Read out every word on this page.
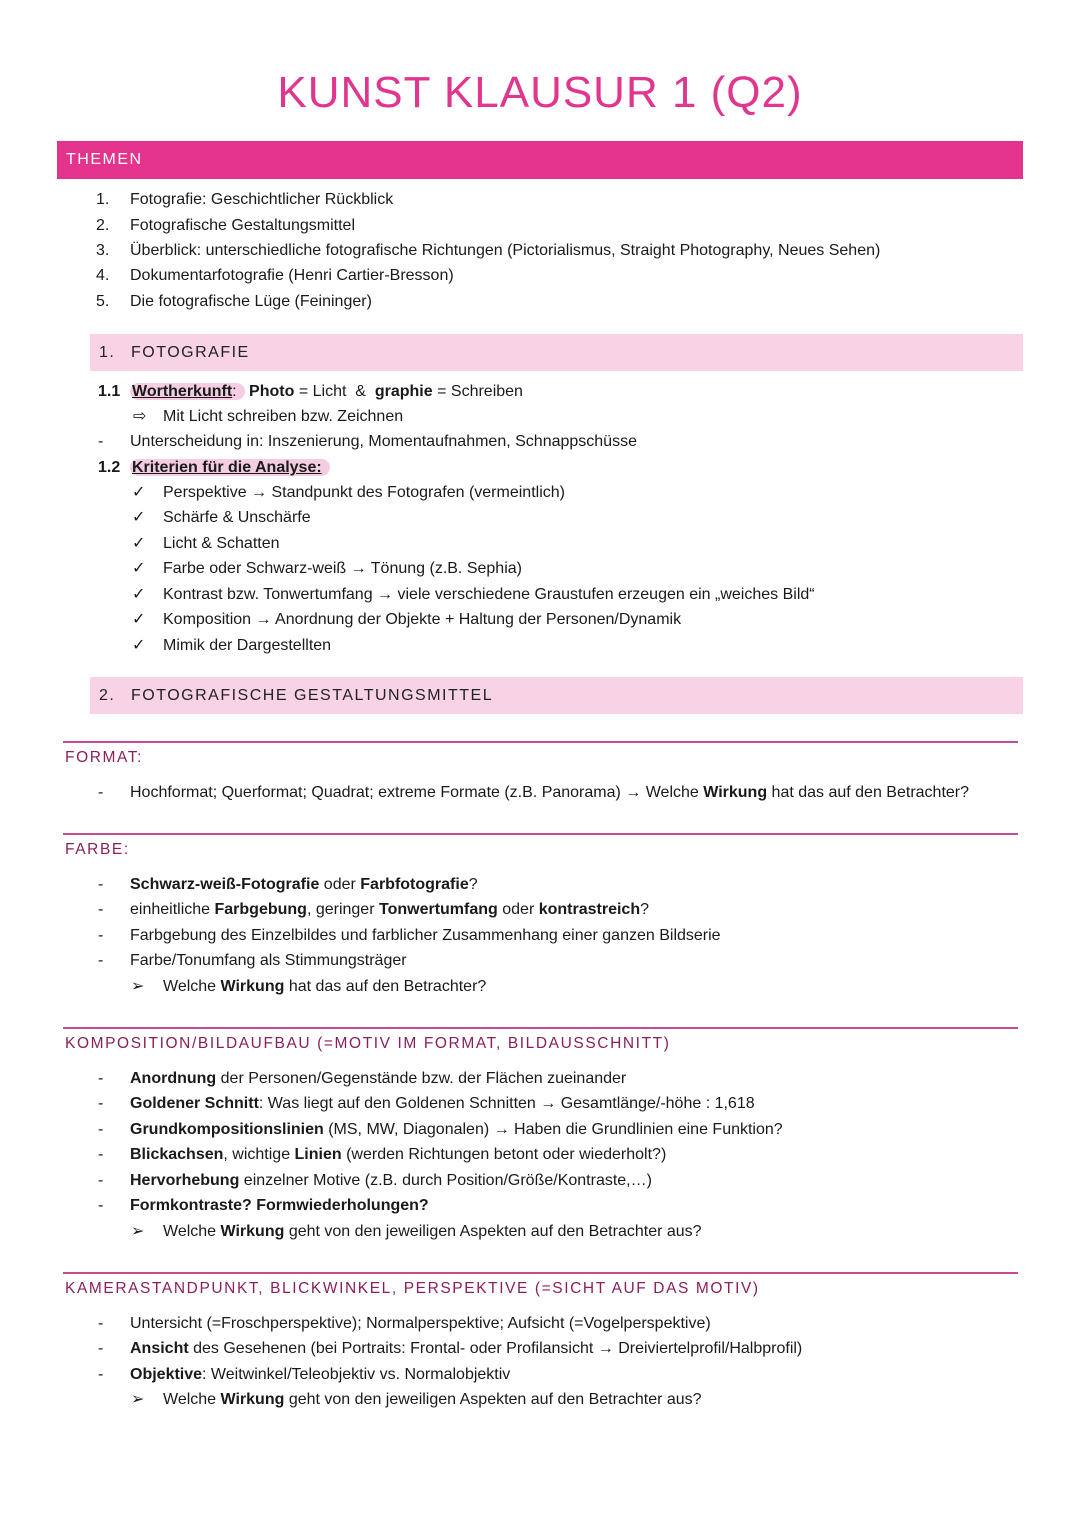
KUNST KLAUSUR 1 (Q2)
THEMEN
1. Fotografie: Geschichtlicher Rückblick
2. Fotografische Gestaltungsmittel
3. Überblick: unterschiedliche fotografische Richtungen (Pictorialismus, Straight Photography, Neues Sehen)
4. Dokumentarfotografie (Henri Cartier-Bresson)
5. Die fotografische Lüge (Feininger)
1. FOTOGRAFIE
1.1 Wortherkunft: Photo = Licht  &  graphie = Schreiben
⇨ Mit Licht schreiben bzw. Zeichnen
- Unterscheidung in: Inszenierung, Momentaufnahmen, Schnappschüsse
1.2 Kriterien für die Analyse:
✓ Perspektive → Standpunkt des Fotografen (vermeintlich)
✓ Schärfe & Unschärfe
✓ Licht & Schatten
✓ Farbe oder Schwarz-weiß → Tönung (z.B. Sephia)
✓ Kontrast bzw. Tonwertumfang → viele verschiedene Graustufen erzeugen ein „weiches Bild“
✓ Komposition → Anordnung der Objekte + Haltung der Personen/Dynamik
✓ Mimik der Dargestellten
2. FOTOGRAFISCHE GESTALTUNGSMITTEL
FORMAT:
- Hochformat; Querformat; Quadrat; extreme Formate (z.B. Panorama) → Welche Wirkung hat das auf den Betrachter?
FARBE:
- Schwarz-weiß-Fotografie oder Farbfotografie?
- einheitliche Farbgebung, geringer Tonwertumfang oder kontrastreich?
- Farbgebung des Einzelbildes und farblicher Zusammenhang einer ganzen Bildserie
- Farbe/Tonumfang als Stimmungsträger
➢ Welche Wirkung hat das auf den Betrachter?
KOMPOSITION/BILDAUFBAU (=MOTIV IM FORMAT, BILDAUSSCHNITT)
- Anordnung der Personen/Gegenstände bzw. der Flächen zueinander
- Goldener Schnitt: Was liegt auf den Goldenen Schnitten → Gesamtlänge/-höhe : 1,618
- Grundkompositionslinien (MS, MW, Diagonalen) → Haben die Grundlinien eine Funktion?
- Blickachsen, wichtige Linien (werden Richtungen betont oder wiederholt?)
- Hervorhebung einzelner Motive (z.B. durch Position/Größe/Kontraste,…)
- Formkontraste? Formwiederholungen?
➢ Welche Wirkung geht von den jeweiligen Aspekten auf den Betrachter aus?
KAMERASTANDPUNKT, BLICKWINKEL, PERSPEKTIVE (=SICHT AUF DAS MOTIV)
- Untersicht (=Froschperspektive); Normalperspektive; Aufsicht (=Vogelperspektive)
- Ansicht des Gesehenen (bei Portraits: Frontal- oder Profilansicht → Dreiviertelprofil/Halbprofil)
- Objektive: Weitwinkel/Teleobjektiv vs. Normalobjektiv
➢ Welche Wirkung geht von den jeweiligen Aspekten auf den Betrachter aus?
